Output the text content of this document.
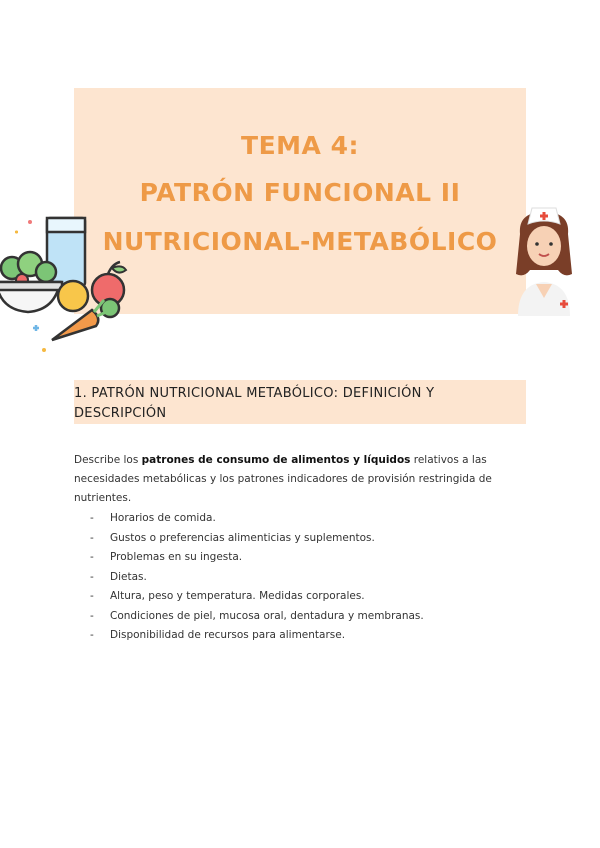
TEMA 4:
PATRÓN FUNCIONAL II
NUTRICIONAL-METABÓLICO
1. PATRÓN NUTRICIONAL METABÓLICO: DEFINICIÓN Y DESCRIPCIÓN
Describe los patrones de consumo de alimentos y líquidos relativos a las necesidades metabólicas y los patrones indicadores de provisión restringida de nutrientes.
-	Horarios de comida.
-	Gustos o preferencias alimenticias y suplementos.
-	Problemas en su ingesta.
-	Dietas.
-	Altura, peso y temperatura. Medidas corporales.
-	Condiciones de piel, mucosa oral, dentadura y membranas.
-	Disponibilidad de recursos para alimentarse.
